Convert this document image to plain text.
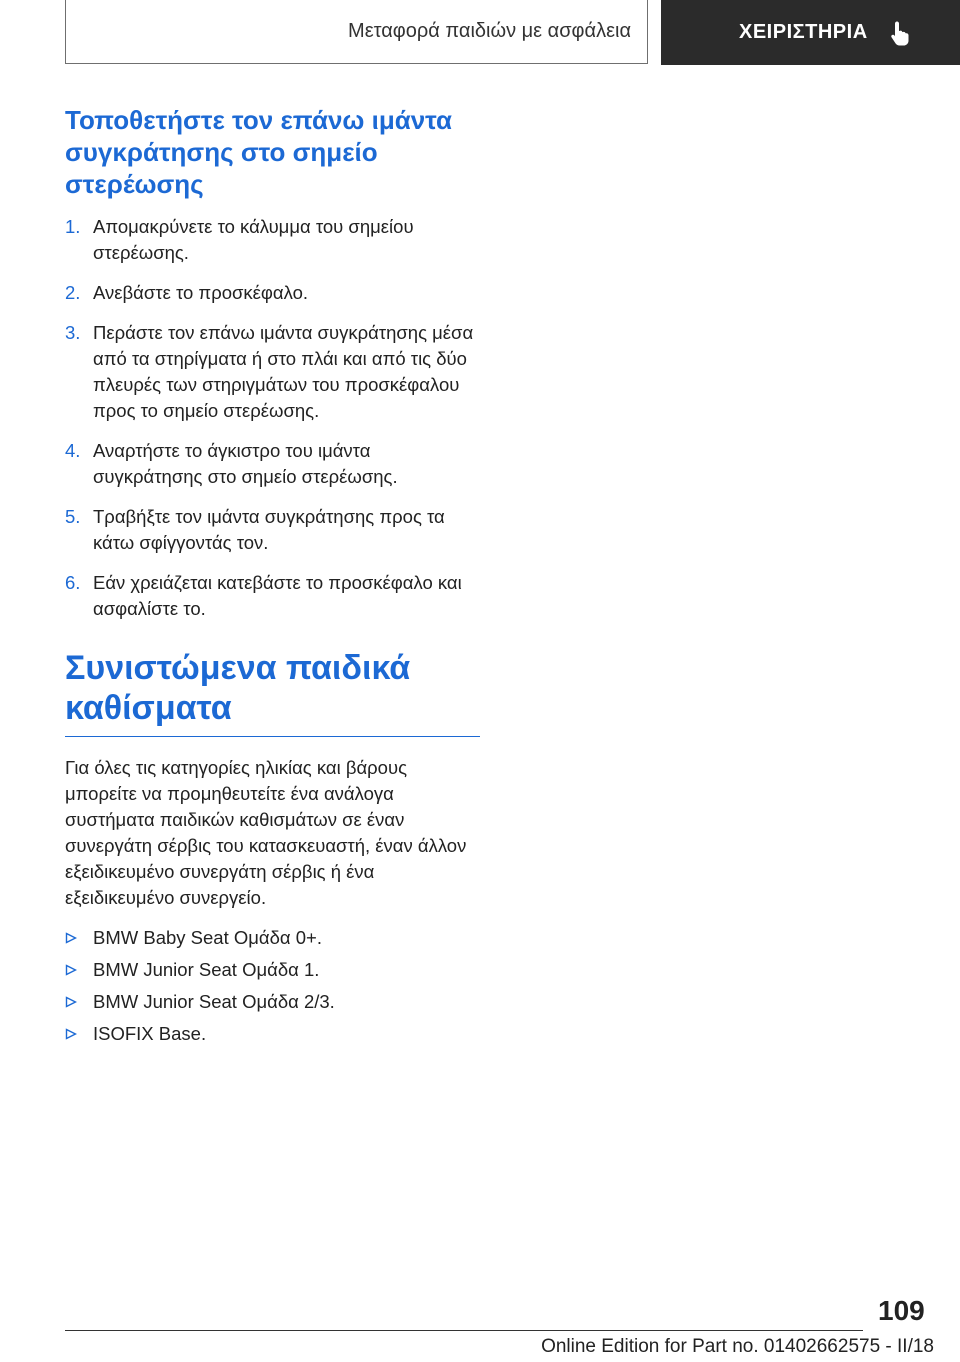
Μεταφορά παιδιών με ασφάλεια	ΧΕΙΡΙΣΤΗΡΙΑ
Τοποθετήστε τον επάνω ιμάντα συγκράτησης στο σημείο στερέωσης
1. Απομακρύνετε το κάλυμμα του σημείου στερέωσης.
2. Ανεβάστε το προσκέφαλο.
3. Περάστε τον επάνω ιμάντα συγκράτησης μέσα από τα στηρίγματα ή στο πλάι και από τις δύο πλευρές των στηριγμάτων του προσκέφαλου προς το σημείο στερέωσης.
4. Αναρτήστε το άγκιστρο του ιμάντα συγκράτησης στο σημείο στερέωσης.
5. Τραβήξτε τον ιμάντα συγκράτησης προς τα κάτω σφίγγοντάς τον.
6. Εάν χρειάζεται κατεβάστε το προσκέφαλο και ασφαλίστε το.
Συνιστώμενα παιδικά καθίσματα

Για όλες τις κατηγορίες ηλικίας και βάρους μπορείτε να προμηθευτείτε ένα ανάλογα συστήματα παιδικών καθισμάτων σε έναν συνεργάτη σέρβις του κατασκευαστή, έναν άλλον εξειδικευμένο συνεργάτη σέρβις ή ένα εξειδικευμένο συνεργείο.

BMW Baby Seat Ομάδα 0+.
BMW Junior Seat Ομάδα 1.
BMW Junior Seat Ομάδα 2/3.
ISOFIX Base.
109
Online Edition for Part no. 01402662575 - II/18
